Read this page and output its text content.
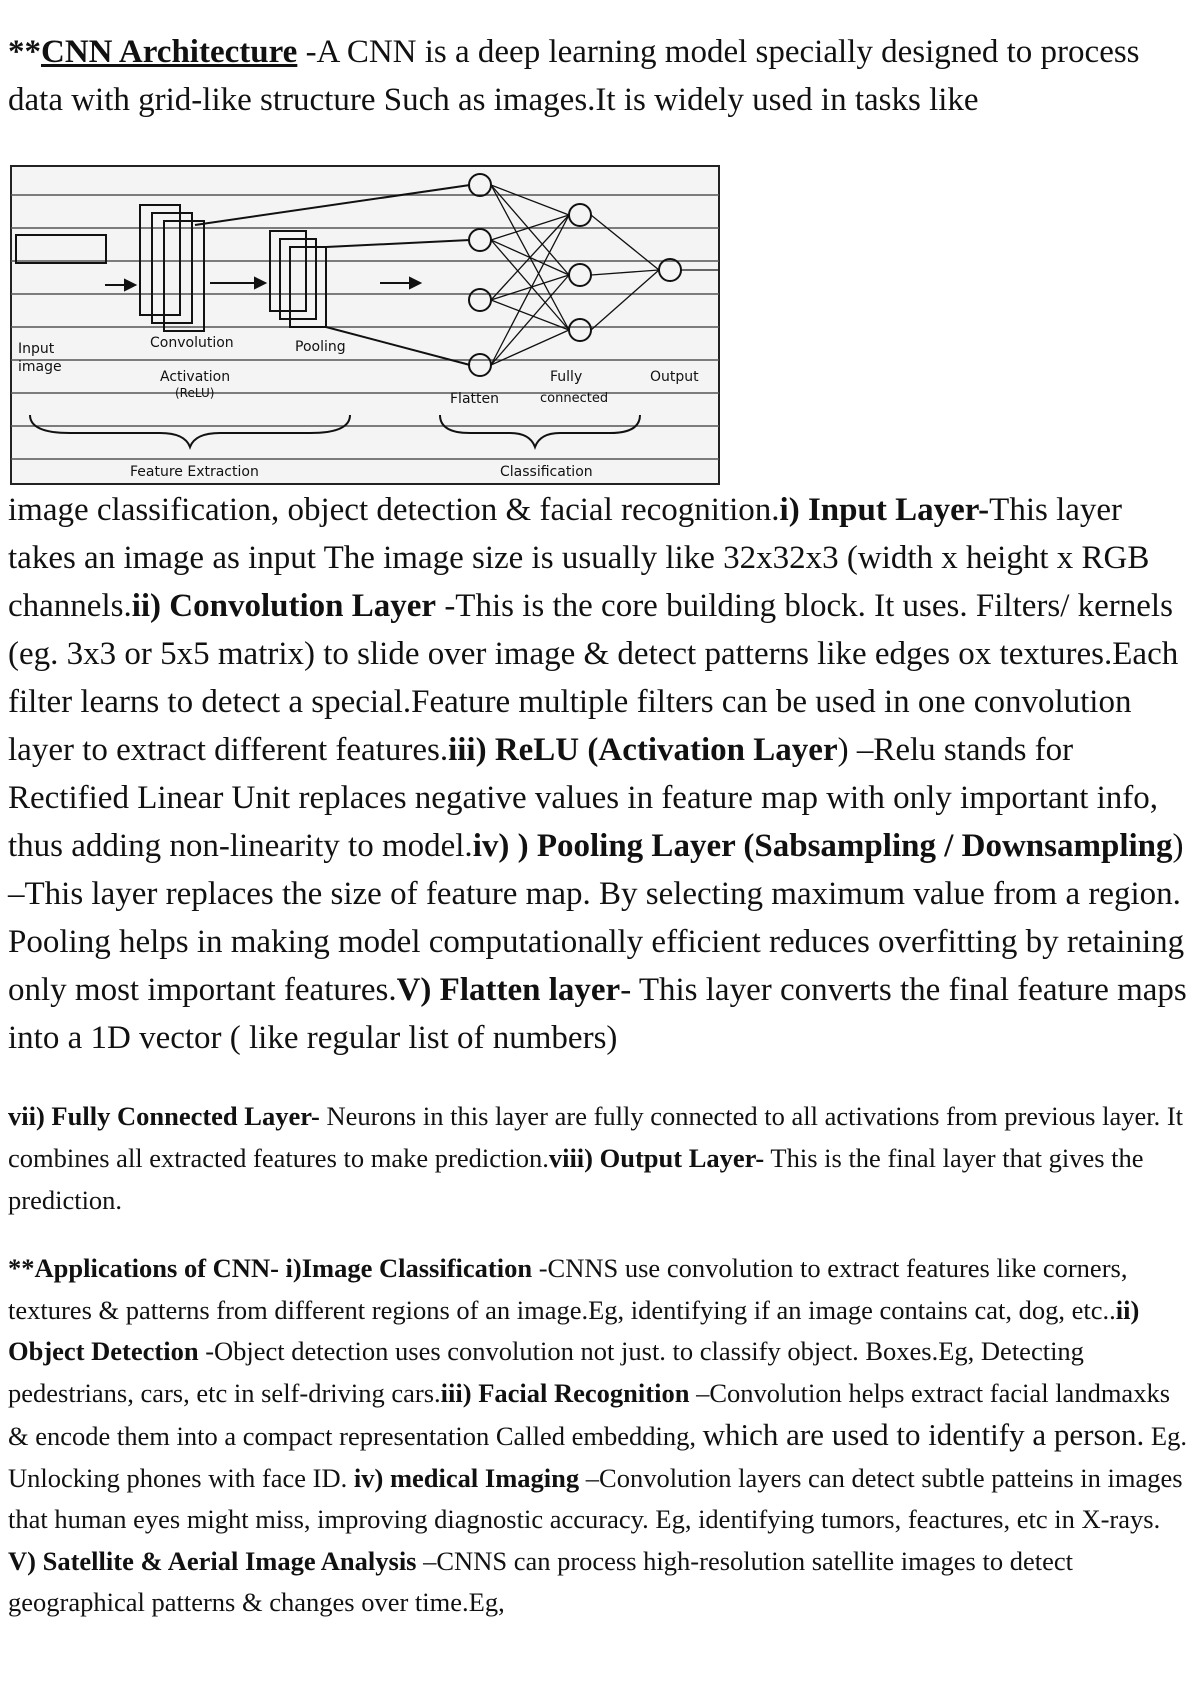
**CNN Architecture -A CNN is a deep learning model specially designed to process data with grid-like structure Such as images.It is widely used in tasks like

Input
image
Convolution
Activation
(ReLU)
Pooling
Flatten
Fully
connected
Output
Feature Extraction	Classification

image classification, object detection & facial recognition.i) Input Layer-This layer takes an image as input The image size is usually like 32x32x3 (width x height x RGB channels.ii) Convolution Layer -This is the core building block. It uses. Filters/ kernels (eg. 3x3 or 5x5 matrix) to slide over image & detect patterns like edges ox textures.Each filter learns to detect a special.Feature multiple filters can be used in one convolution layer to extract different features.iii) ReLU (Activation Layer) –Relu stands for Rectified Linear Unit replaces negative values in feature map with only important info, thus adding non-linearity to model.iv) ) Pooling Layer (Sabsampling / Downsampling) –This layer replaces the size of feature map. By selecting maximum value from a region. Pooling helps in making model computationally efficient reduces overfitting by retaining only most important features.V) Flatten layer- This layer converts the final feature maps into a 1D vector ( like regular list of numbers)

vii) Fully Connected Layer- Neurons in this layer are fully connected to all activations from previous layer. It combines all extracted features to make prediction.viii) Output Layer- This is the final layer that gives the prediction.

**Applications of CNN- i)Image Classification -CNNS use convolution to extract features like corners, textures & patterns from different regions of an image.Eg, identifying if an image contains cat, dog, etc..ii) Object Detection -Object detection uses convolution not just. to classify object. Boxes.Eg, Detecting pedestrians, cars, etc in self-driving cars.iii) Facial Recognition –Convolution helps extract facial landmaxks & encode them into a compact representation Called embedding, which are used to identify a person. Eg. Unlocking phones with face ID. iv) medical Imaging –Convolution layers can detect subtle patteins in images that human eyes might miss, improving diagnostic accuracy. Eg, identifying tumors, feactures, etc in X-rays. V) Satellite & Aerial Image Analysis –CNNS can process high-resolution satellite images to detect geographical patterns & changes over time.Eg,
